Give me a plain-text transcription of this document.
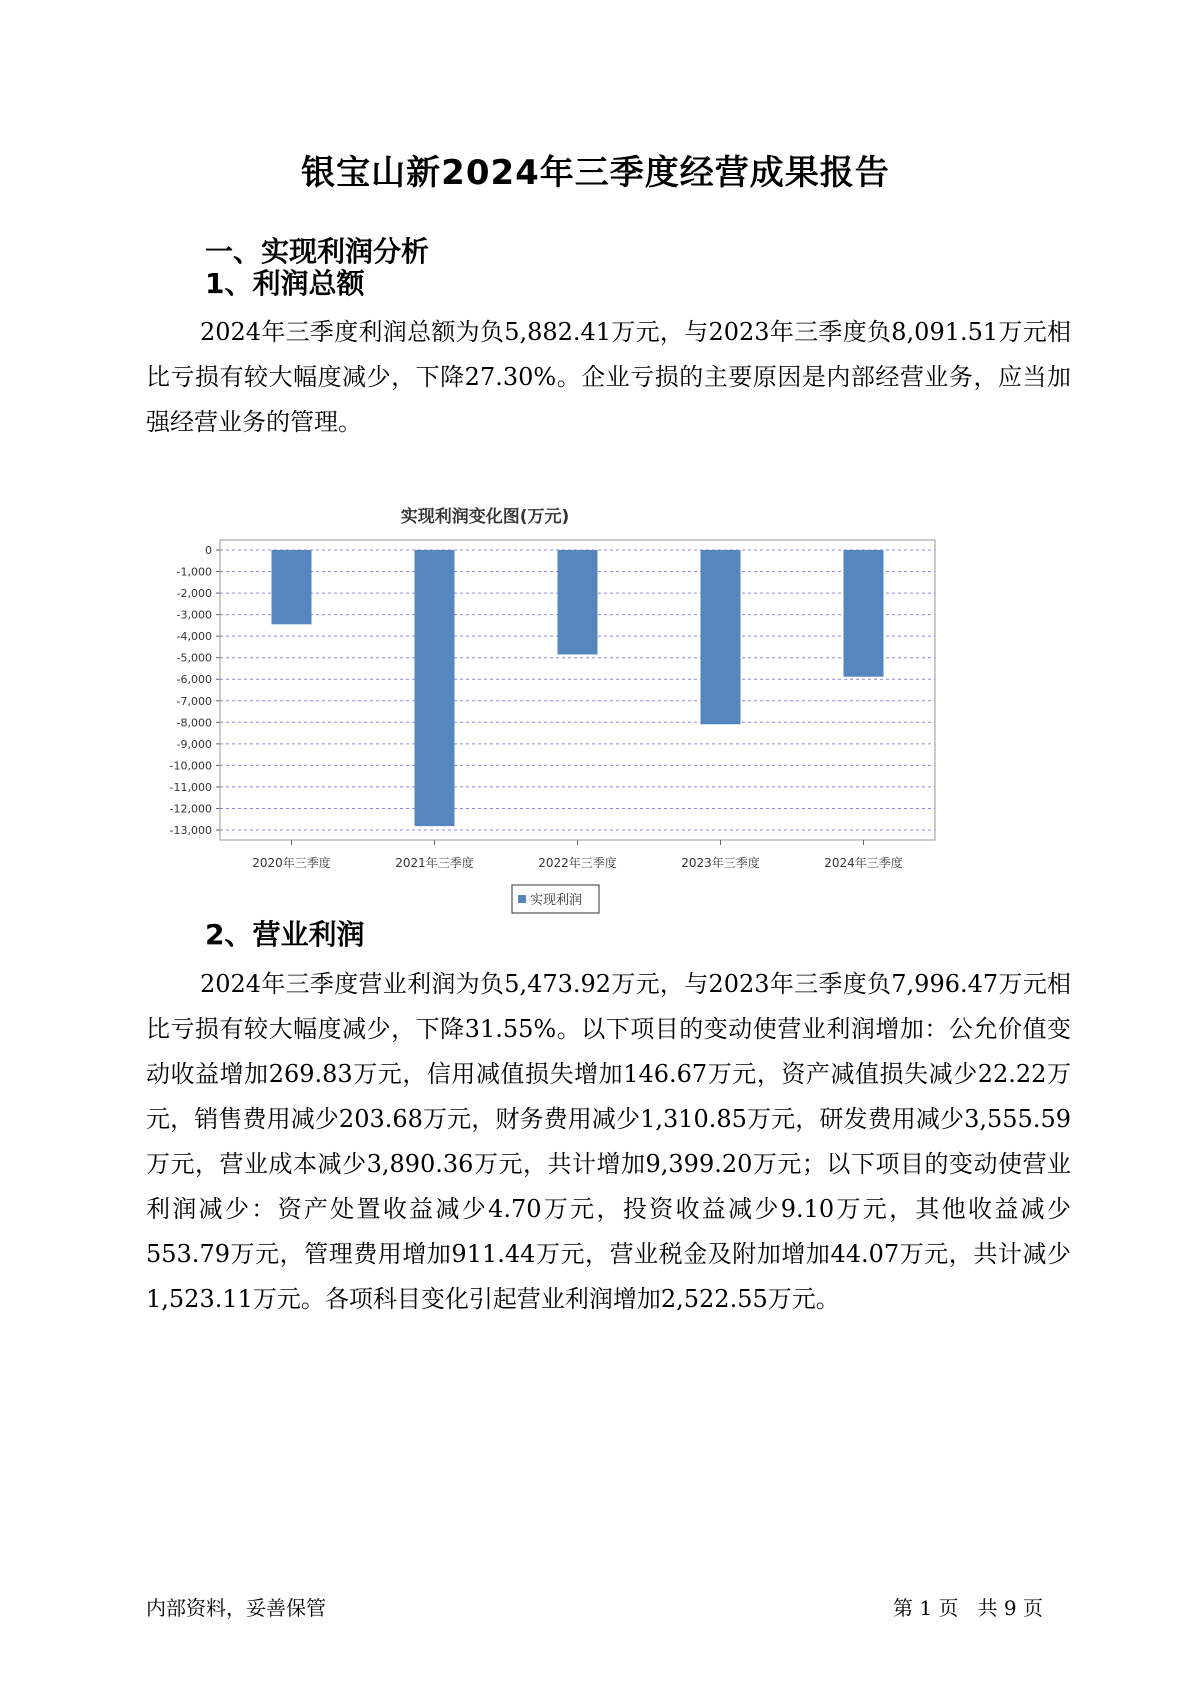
银宝山新2024年三季度经营成果报告
一、实现利润分析
1、利润总额

2024年三季度利润总额为负5,882.41万元，与2023年三季度负8,091.51万元相比亏损有较大幅度减少，下降27.30%。企业亏损的主要原因是内部经营业务，应当加强经营业务的管理。

实现利润变化图(万元)
0
-1,000
-2,000
-3,000
-4,000
-5,000
-6,000
-7,000
-8,000
-9,000
-10,000
-11,000
-12,000
-13,000
2020年三季度	2021年三季度	2022年三季度	2023年三季度	2024年三季度
实现利润
2、营业利润

2024年三季度营业利润为负5,473.92万元，与2023年三季度负7,996.47万元相比亏损有较大幅度减少，下降31.55%。以下项目的变动使营业利润增加：公允价值变动收益增加269.83万元，信用减值损失增加146.67万元，资产减值损失减少22.22万元，销售费用减少203.68万元，财务费用减少1,310.85万元，研发费用减少3,555.59万元，营业成本减少3,890.36万元，共计增加9,399.20万元；以下项目的变动使营业利润减少：资产处置收益减少4.70万元，投资收益减少9.10万元，其他收益减少553.79万元，管理费用增加911.44万元，营业税金及附加增加44.07万元，共计减少1,523.11万元。各项科目变化引起营业利润增加2,522.55万元。

内部资料，妥善保管	第 1 页   共 9 页
